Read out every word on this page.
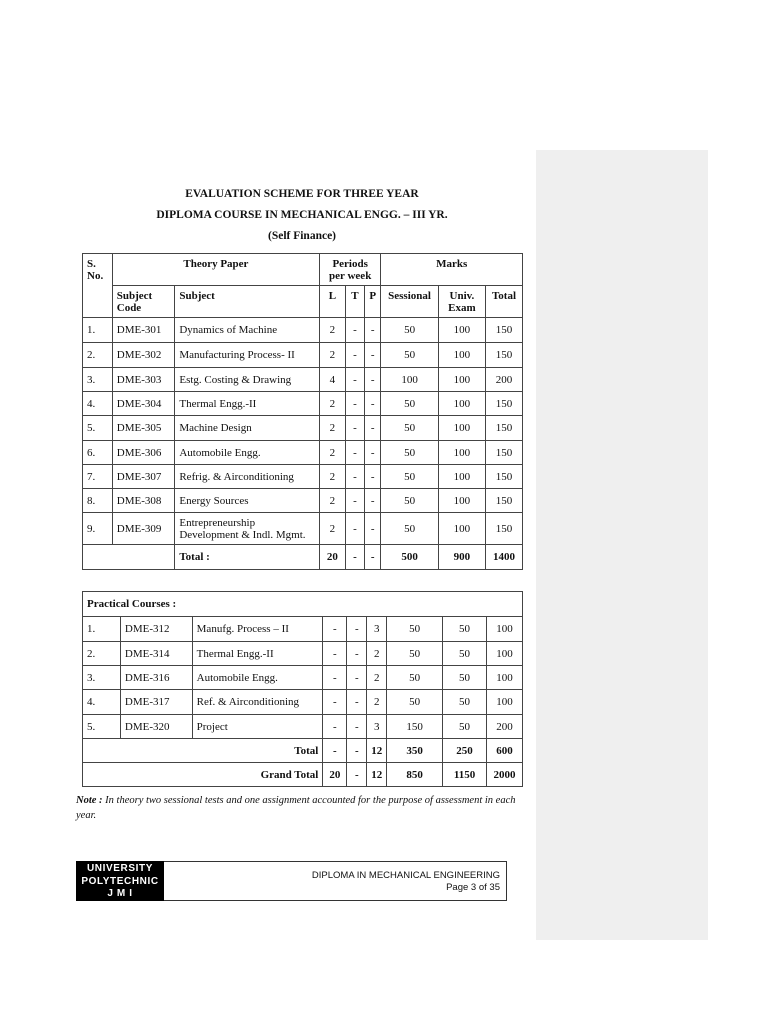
EVALUATION SCHEME FOR THREE YEAR
DIPLOMA COURSE IN MECHANICAL ENGG. – III YR.
(Self Finance)
S. No.	Theory Paper		Periods per week			Marks		
	Subject Code	Subject	L	T	P	Sessional	Univ. Exam	Total
1.	DME-301	Dynamics of Machine	2	-	-	50	100	150
2.	DME-302	Manufacturing Process- II	2	-	-	50	100	150
3.	DME-303	Estg. Costing & Drawing	4	-	-	100	100	200
4.	DME-304	Thermal Engg.-II	2	-	-	50	100	150
5.	DME-305	Machine Design	2	-	-	50	100	150
6.	DME-306	Automobile Engg.	2	-	-	50	100	150
7.	DME-307	Refrig. & Airconditioning	2	-	-	50	100	150
8.	DME-308	Energy Sources	2	-	-	50	100	150
9.	DME-309	Entrepreneurship Development & Indl. Mgmt.	2	-	-	50	100	150
		Total :	20	-	-	500	900	1400
Practical Courses :								
1.	DME-312	Manufg. Process – II	-	-	3	50	50	100
2.	DME-314	Thermal Engg.-II	-	-	2	50	50	100
3.	DME-316	Automobile Engg.	-	-	2	50	50	100
4.	DME-317	Ref. & Airconditioning	-	-	2	50	50	100
5.	DME-320	Project	-	-	3	150	50	200
Total			-	-	12	350	250	600
Grand Total			20	-	12	850	1150	2000
Note : In theory two sessional tests and one assignment accounted for the purpose of assessment in each year.
UNIVERSITY
POLYTECHNIC
J M I
DIPLOMA IN MECHANICAL ENGINEERING
Page 3 of 35
